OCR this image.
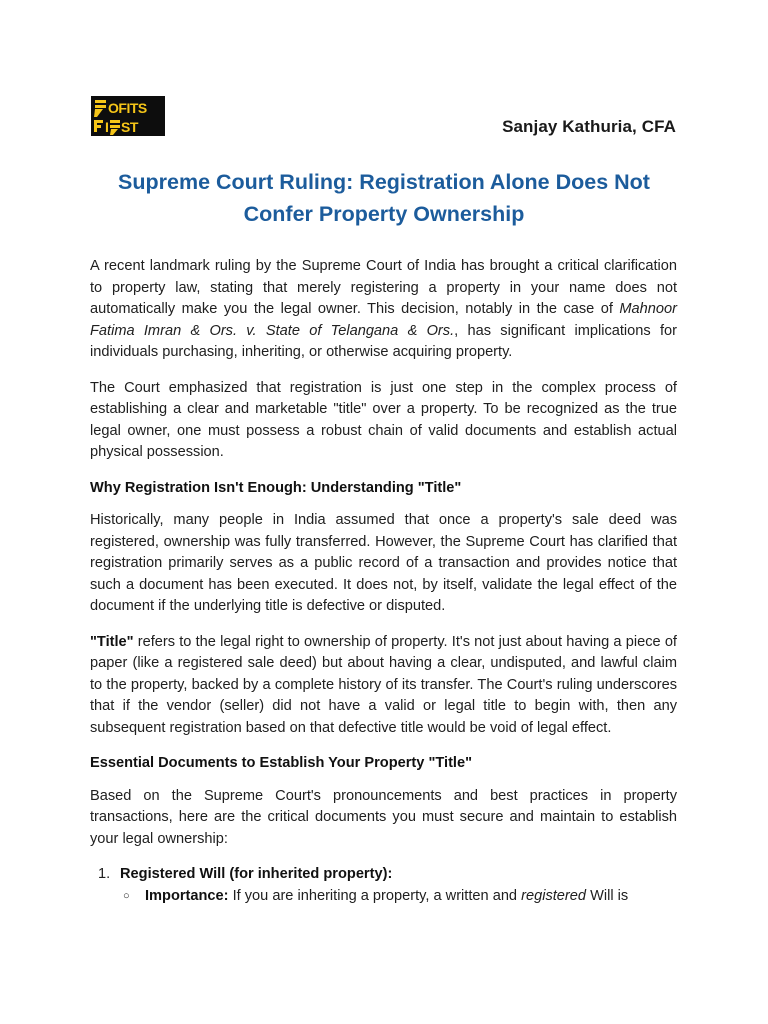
OFITS
I ST	Sanjay Kathuria, CFA
Supreme Court Ruling: Registration Alone Does Not Confer Property Ownership

A recent landmark ruling by the Supreme Court of India has brought a critical clarification to property law, stating that merely registering a property in your name does not automatically make you the legal owner. This decision, notably in the case of Mahnoor Fatima Imran & Ors. v. State of Telangana & Ors., has significant implications for individuals purchasing, inheriting, or otherwise acquiring property.

The Court emphasized that registration is just one step in the complex process of establishing a clear and marketable "title" over a property. To be recognized as the true legal owner, one must possess a robust chain of valid documents and establish actual physical possession.

Why Registration Isn't Enough: Understanding "Title"

Historically, many people in India assumed that once a property's sale deed was registered, ownership was fully transferred. However, the Supreme Court has clarified that registration primarily serves as a public record of a transaction and provides notice that such a document has been executed. It does not, by itself, validate the legal effect of the document if the underlying title is defective or disputed.

"Title" refers to the legal right to ownership of property. It's not just about having a piece of paper (like a registered sale deed) but about having a clear, undisputed, and lawful claim to the property, backed by a complete history of its transfer. The Court's ruling underscores that if the vendor (seller) did not have a valid or legal title to begin with, then any subsequent registration based on that defective title would be void of legal effect.

Essential Documents to Establish Your Property "Title"

Based on the Supreme Court's pronouncements and best practices in property transactions, here are the critical documents you must secure and maintain to establish your legal ownership:

1. Registered Will (for inherited property):
○ Importance: If you are inheriting a property, a written and registered Will is
